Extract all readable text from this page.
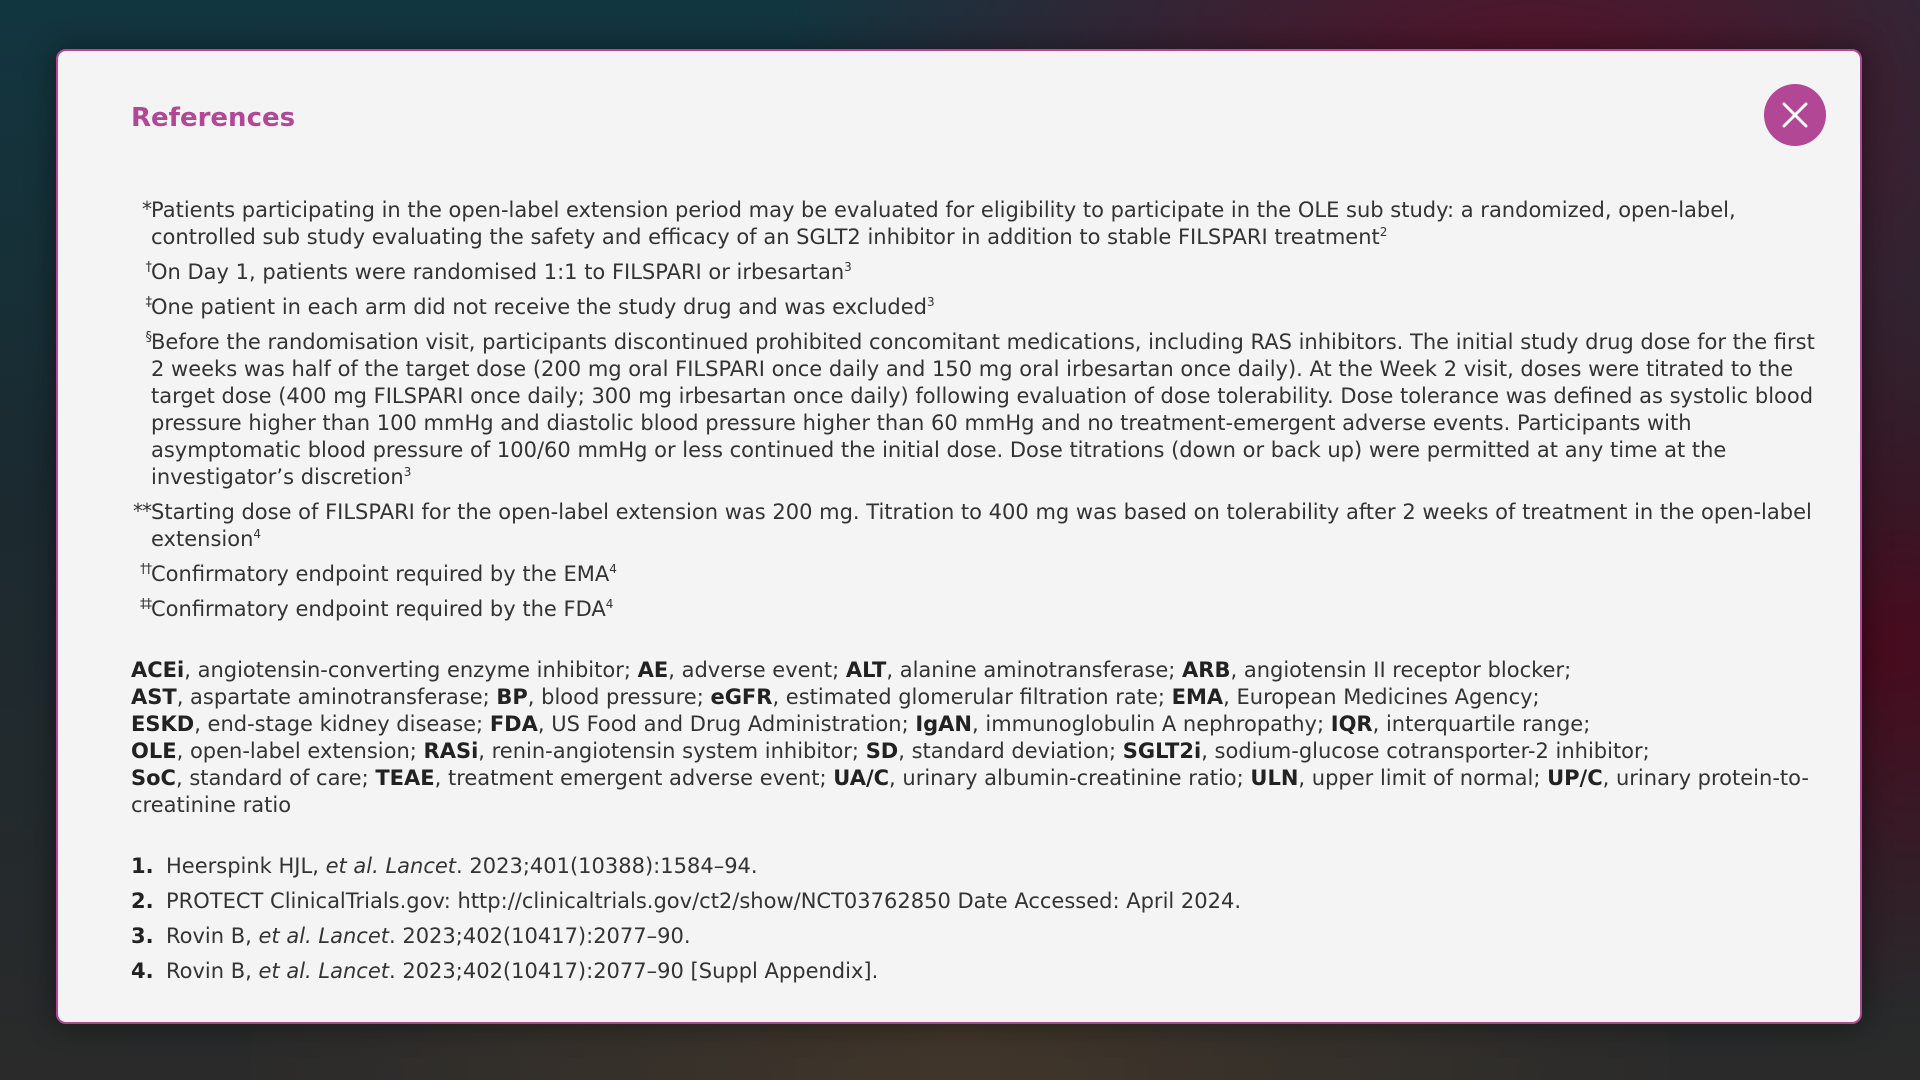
References
* Patients participating in the open-label extension period may be evaluated for eligibility to participate in the OLE sub study: a randomized, open-label, controlled sub study evaluating the safety and efficacy of an SGLT2 inhibitor in addition to stable FILSPARI treatment$^2$
† On Day 1, patients were randomised 1:1 to FILSPARI or irbesartan$^3$
‡ One patient in each arm did not receive the study drug and was excluded$^3$
§ Before the randomisation visit, participants discontinued prohibited concomitant medications, including RAS inhibitors. The initial study drug dose for the first 2 weeks was half of the target dose (200 mg oral FILSPARI once daily and 150 mg oral irbesartan once daily). At the Week 2 visit, doses were titrated to the target dose (400 mg FILSPARI once daily; 300 mg irbesartan once daily) following evaluation of dose tolerability. Dose tolerance was defined as systolic blood pressure higher than 100 mmHg and diastolic blood pressure higher than 60 mmHg and no treatment-emergent adverse events. Participants with asymptomatic blood pressure of 100/60 mmHg or less continued the initial dose. Dose titrations (down or back up) were permitted at any time at the investigator’s discretion$^3$
** Starting dose of FILSPARI for the open-label extension was 200 mg. Titration to 400 mg was based on tolerability after 2 weeks of treatment in the open-label extension$^4$
†† Confirmatory endpoint required by the EMA$^4$
‡‡ Confirmatory endpoint required by the FDA$^4$
ACEi, angiotensin-converting enzyme inhibitor; AE, adverse event; ALT, alanine aminotransferase; ARB, angiotensin II receptor blocker;
AST, aspartate aminotransferase; BP, blood pressure; eGFR, estimated glomerular filtration rate; EMA, European Medicines Agency;
ESKD, end-stage kidney disease; FDA, US Food and Drug Administration; IgAN, immunoglobulin A nephropathy; IQR, interquartile range;
OLE, open-label extension; RASi, renin-angiotensin system inhibitor; SD, standard deviation; SGLT2i, sodium-glucose cotransporter-2 inhibitor;
SoC, standard of care; TEAE, treatment emergent adverse event; UA/C, urinary albumin-creatinine ratio; ULN, upper limit of normal; UP/C, urinary protein-to-creatinine ratio
1. Heerspink HJL, et al. Lancet. 2023;401(10388):1584–94.
2. PROTECT ClinicalTrials.gov: http://clinicaltrials.gov/ct2/show/NCT03762850 Date Accessed: April 2024.
3. Rovin B, et al. Lancet. 2023;402(10417):2077–90.
4. Rovin B, et al. Lancet. 2023;402(10417):2077–90 [Suppl Appendix].
